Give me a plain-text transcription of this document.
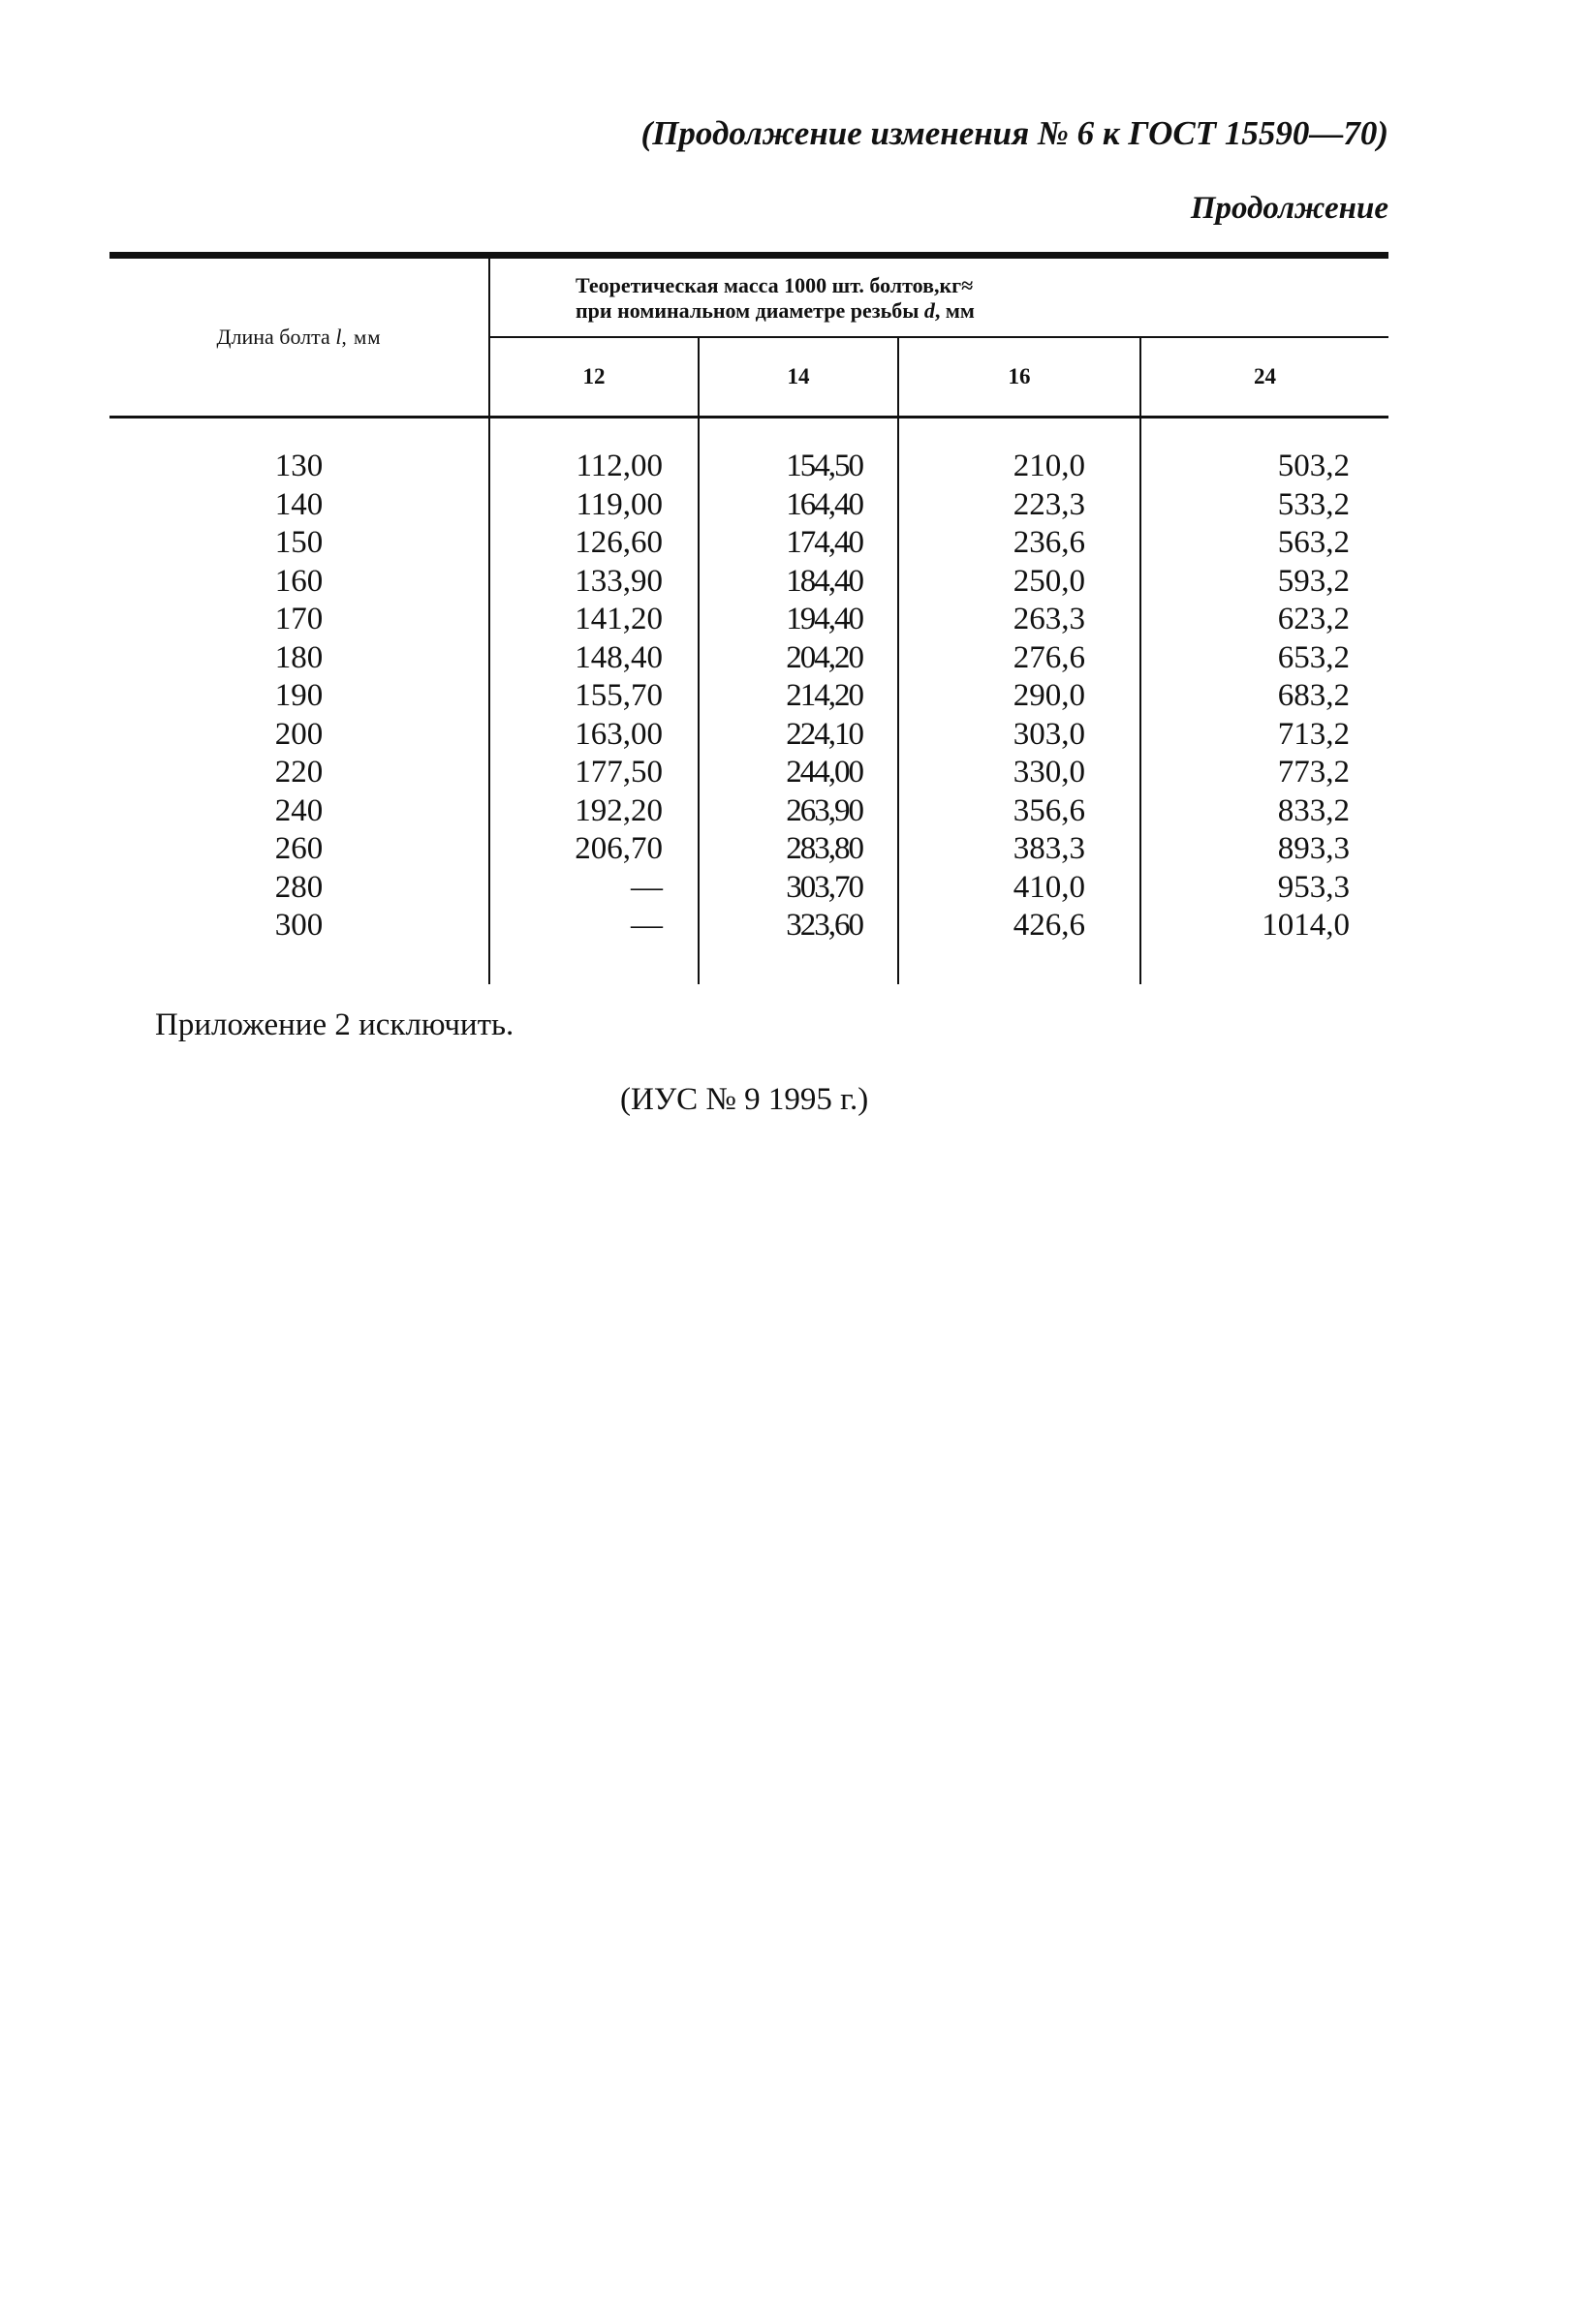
(Продолжение изменения № 6 к ГОСТ 15590—70)
Продолжение
Длина болта l, мм	Теоретическая масса 1000 шт. болтов,кг≈
при номинальном диаметре резьбы d, мм			

	12	14	16	24

130	112,00	154,50	210,0	503,2
140	119,00	164,40	223,3	533,2
150	126,60	174,40	236,6	563,2
160	133,90	184,40	250,0	593,2
170	141,20	194,40	263,3	623,2
180	148,40	204,20	276,6	653,2
190	155,70	214,20	290,0	683,2
200	163,00	224,10	303,0	713,2
220	177,50	244,00	330,0	773,2
240	192,20	263,90	356,6	833,2
260	206,70	283,80	383,3	893,3
280	—	303,70	410,0	953,3
300	—	323,60	426,6	1014,0

Приложение 2 исключить.
(ИУС № 9 1995 г.)
